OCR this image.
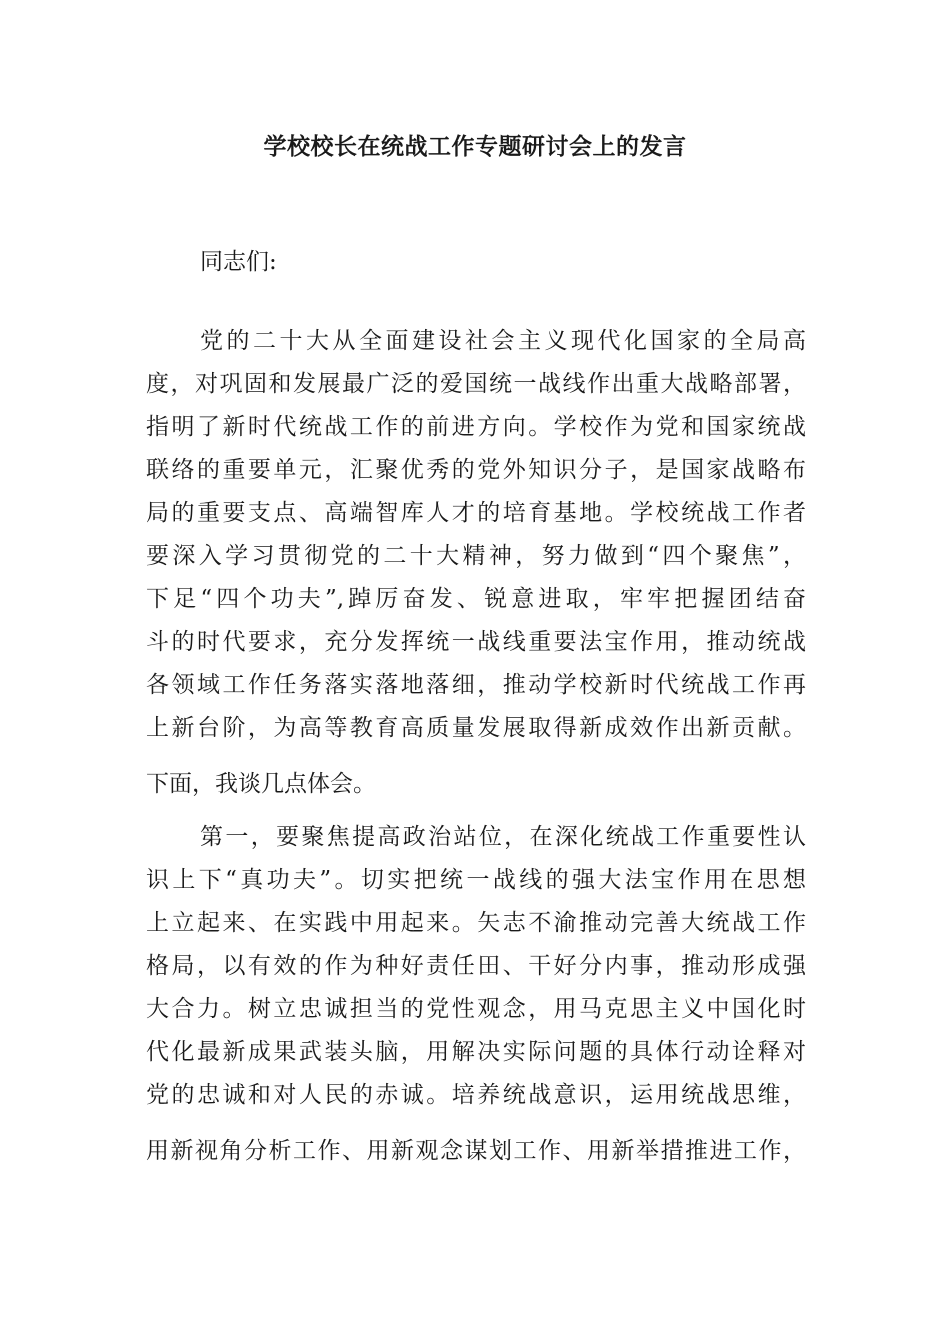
学校校长在统战工作专题研讨会上的发言

同志们:

党的二十大从全面建设社会主义现代化国家的全局高

度，对巩固和发展最广泛的爱国统一战线作出重大战略部署，

指明了新时代统战工作的前进方向。学校作为党和国家统战

联络的重要单元，汇聚优秀的党外知识分子，是国家战略布

局的重要支点、高端智库人才的培育基地。学校统战工作者

要深入学习贯彻党的二十大精神，努力做到“四个聚焦”，

下足“四个功夫”,踔厉奋发、锐意进取，牢牢把握团结奋

斗的时代要求，充分发挥统一战线重要法宝作用，推动统战

各领域工作任务落实落地落细，推动学校新时代统战工作再

上新台阶，为高等教育高质量发展取得新成效作出新贡献。

下面，我谈几点体会。

第一，要聚焦提高政治站位，在深化统战工作重要性认

识上下“真功夫”。切实把统一战线的强大法宝作用在思想

上立起来、在实践中用起来。矢志不渝推动完善大统战工作

格局，以有效的作为种好责任田、干好分内事，推动形成强

大合力。树立忠诚担当的党性观念，用马克思主义中国化时

代化最新成果武装头脑，用解决实际问题的具体行动诠释对

党的忠诚和对人民的赤诚。培养统战意识，运用统战思维，

用新视角分析工作、用新观念谋划工作、用新举措推进工作，
